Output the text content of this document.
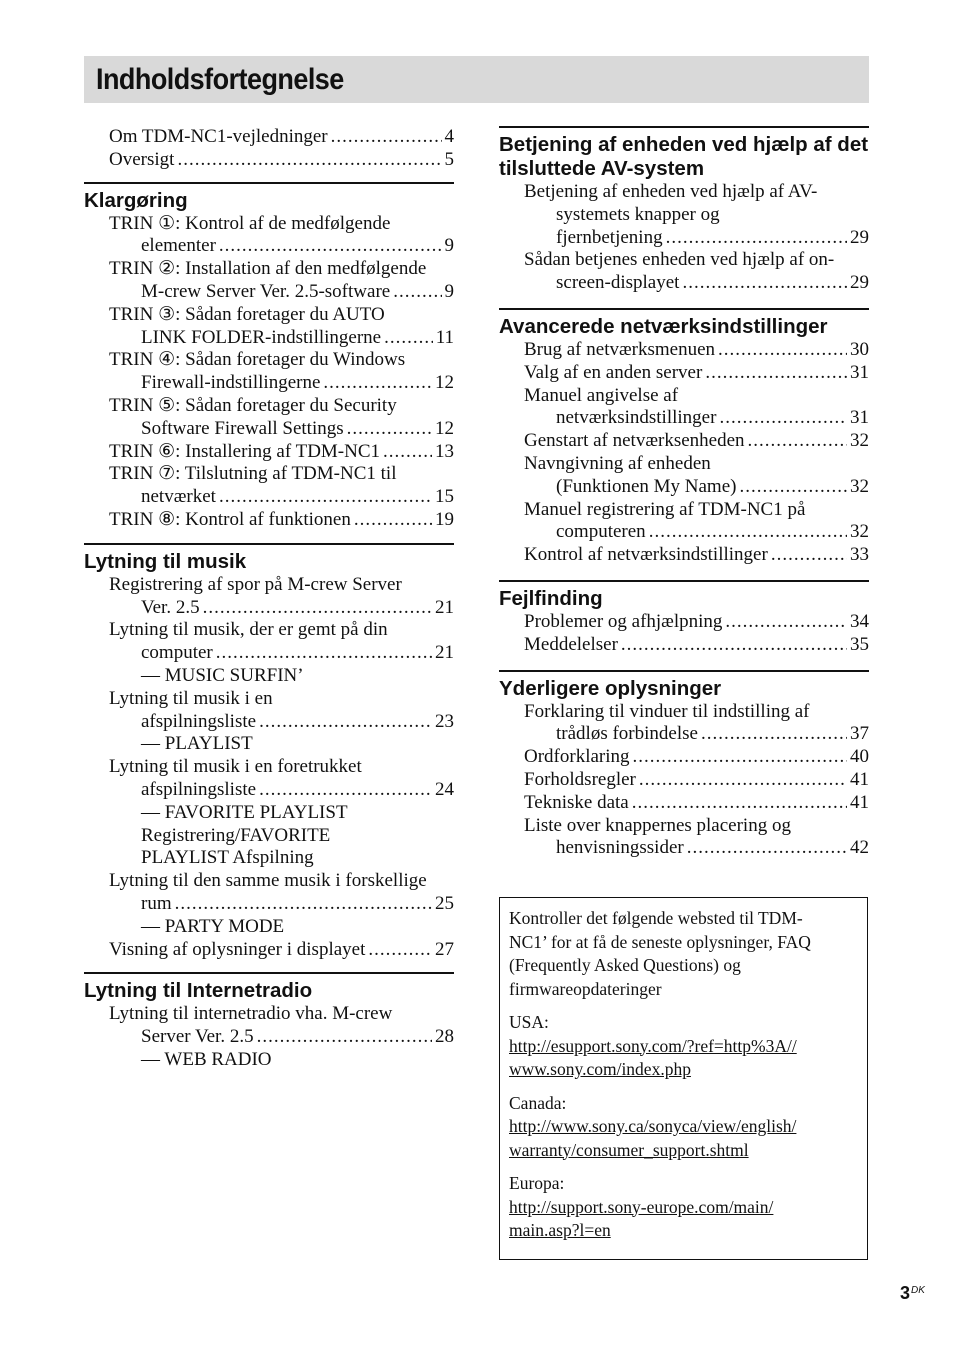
Indholdsfortegnelse
Om TDM-NC1-vejledninger .....	4
Oversigt .....	5
Klargøring
TRIN ①: Kontrol af de medfølgende
elementer .....	9
TRIN ②: Installation af den medfølgende
M-crew Server Ver. 2.5-software .....	9
TRIN ③: Sådan foretager du AUTO
LINK FOLDER-indstillingerne .....	11
TRIN ④: Sådan foretager du Windows
Firewall-indstillingerne .....	12
TRIN ⑤: Sådan foretager du Security
Software Firewall Settings .....	12
TRIN ⑥: Installering af TDM-NC1 .....	13
TRIN ⑦: Tilslutning af TDM-NC1 til
netværket .....	15
TRIN ⑧: Kontrol af funktionen .....	19
Lytning til musik
Registrering af spor på M-crew Server
Ver. 2.5 .....	21
Lytning til musik, der er gemt på din
computer .....	21
— MUSIC SURFIN’
Lytning til musik i en
afspilningsliste .....	23
— PLAYLIST
Lytning til musik i en foretrukket
afspilningsliste .....	24
— FAVORITE PLAYLIST
Registrering/FAVORITE
PLAYLIST Afspilning
Lytning til den samme musik i forskellige
rum .....	25
— PARTY MODE
Visning af oplysninger i displayet .....	27
Lytning til Internetradio
Lytning til internetradio vha. M-crew
Server Ver. 2.5 .....	28
— WEB RADIO
Betjening af enheden ved hjælp af det tilsluttede AV-system
Betjening af enheden ved hjælp af AV-
systemets knapper og
fjernbetjening .....	29
Sådan betjenes enheden ved hjælp af on-
screen-displayet .....	29
Avancerede netværksindstillinger
Brug af netværksmenuen .....	30
Valg af en anden server .....	31
Manuel angivelse af
netværksindstillinger .....	31
Genstart af netværksenheden .....	32
Navngivning af enheden
(Funktionen My Name) .....	32
Manuel registrering af TDM-NC1 på
computeren .....	32
Kontrol af netværksindstillinger .....	33
Fejlfinding
Problemer og afhjælpning .....	34
Meddelelser .....	35
Yderligere oplysninger
Forklaring til vinduer til indstilling af
trådløs forbindelse .....	37
Ordforklaring .....	40
Forholdsregler .....	41
Tekniske data .....	41
Liste over knappernes placering og
henvisningssider .....	42

Kontroller det følgende websted til TDM-
NC1’ for at få de seneste oplysninger, FAQ
(Frequently Asked Questions) og
firmwareopdateringer

USA:
http://esupport.sony.com/?ref=http%3A//
www.sony.com/index.php

Canada:
http://www.sony.ca/sonyca/view/english/
warranty/consumer_support.shtml

Europa:
http://support.sony-europe.com/main/
main.asp?l=en

$3^{DK}$
